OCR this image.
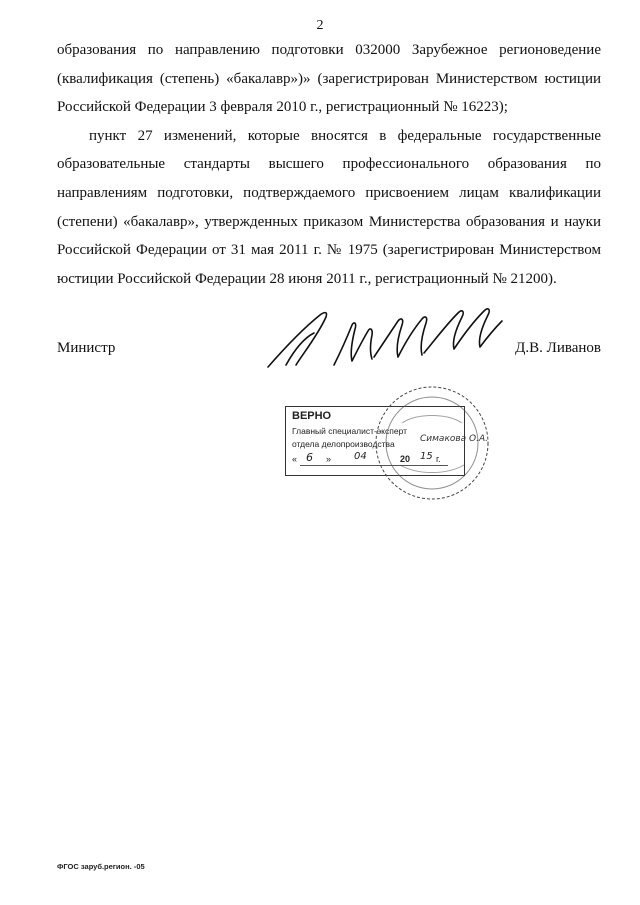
2

образования по направлению подготовки 032000 Зарубежное регионоведение (квалификация (степень) «бакалавр»)» (зарегистрирован Министерством юстиции Российской Федерации 3 февраля 2010 г., регистрационный № 16223);

пункт 27 изменений, которые вносятся в федеральные государственные образовательные стандарты высшего профессионального образования по направлениям подготовки, подтверждаемого присвоением лицам квалификации (степени) «бакалавр», утвержденных приказом Министерства образования и науки Российской Федерации от 31 мая 2011 г. № 1975 (зарегистрирован Министерством юстиции Российской Федерации 28 июня 2011 г., регистрационный № 21200).

Министр	Д.В. Ливанов
ВЕРНО
Главный специалист-эксперт
отдела делопроизводства
« 6 » 04	20 15 г.
Симакова О.А.
ФГОС заруб.регион. -05
